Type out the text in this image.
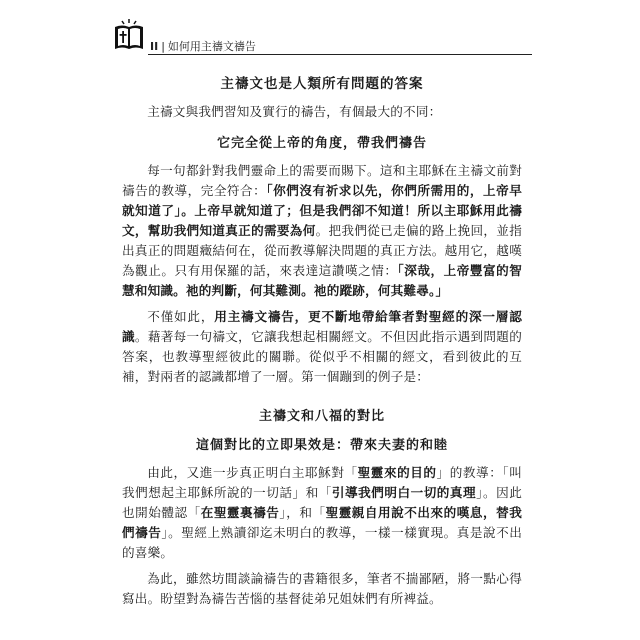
II | 如何用主禱文禱告
主禱文也是人類所有問題的答案

主禱文與我們習知及實行的禱告，有個最大的不同：

它完全從上帝的角度，帶我們禱告

每一句都針對我們靈命上的需要而賜下。這和主耶穌在主禱文前對禱告的教導，完全符合：「你們沒有祈求以先，你們所需用的，上帝早就知道了」。上帝早就知道了；但是我們卻不知道！所以主耶穌用此禱文，幫助我們知道真正的需要為何。把我們從已走偏的路上挽回，並指出真正的問題癥結何在，從而教導解決問題的真正方法。越用它，越嘆為觀止。只有用保羅的話，來表達這讚嘆之情：「深哉，上帝豐富的智慧和知識。祂的判斷，何其難測。祂的蹤跡，何其難尋。」

不僅如此，用主禱文禱告，更不斷地帶給筆者對聖經的深一層認識。藉著每一句禱文，它讓我想起相關經文。不但因此指示遇到問題的答案，也教導聖經彼此的關聯。從似乎不相關的經文，看到彼此的互補，對兩者的認識都增了一層。第一個蹦到的例子是：

主禱文和八福的對比
這個對比的立即果效是：帶來夫妻的和睦

由此，又進一步真正明白主耶穌對「聖靈來的目的」的教導：「叫我們想起主耶穌所說的一切話」和「引導我們明白一切的真理」。因此也開始體認「在聖靈裏禱告」，和「聖靈親自用說不出來的嘆息，替我們禱告」。聖經上熟讀卻迄未明白的教導，一樣一樣實現。真是說不出的喜樂。

為此，雖然坊間談論禱告的書籍很多，筆者不揣鄙陋，將一點心得寫出。盼望對為禱告苦惱的基督徒弟兄姐妹們有所裨益。
